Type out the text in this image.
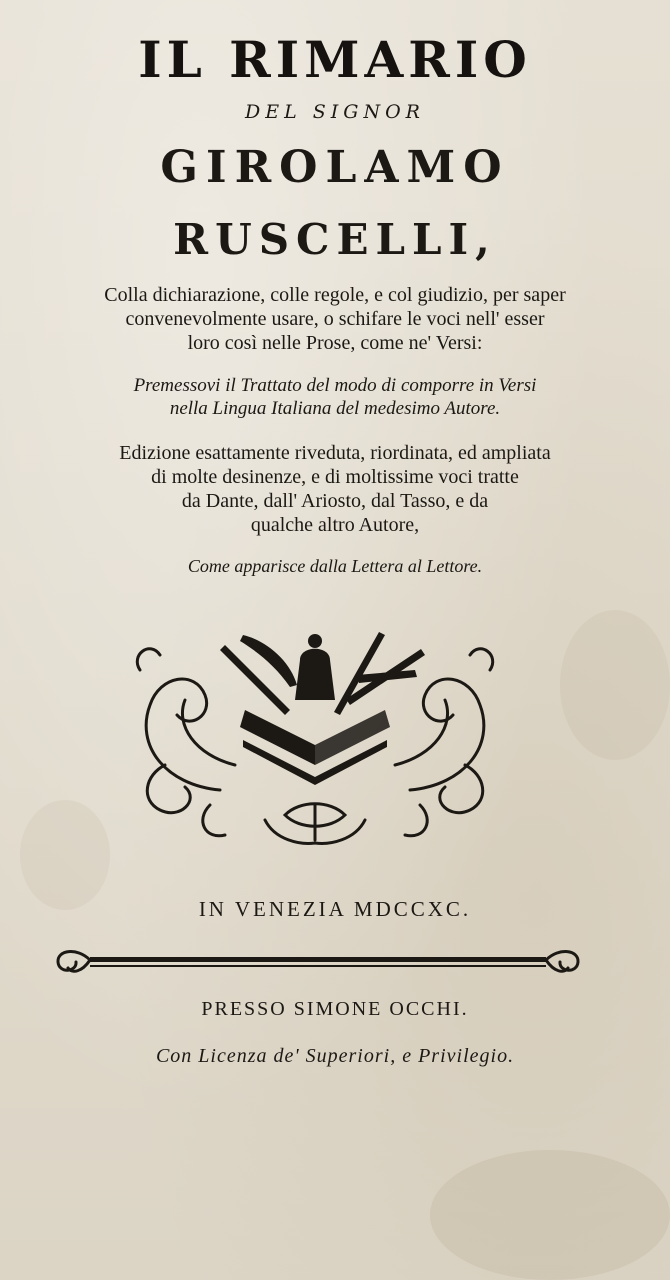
IL RIMARIO

DEL SIGNOR

GIROLAMO

RUSCELLI,

Colla dichiarazione, colle regole, e col giudizio, per saper

convenevolmente usare, o schifare le voci nell' esser

loro così nelle Prose, come ne' Versi:

Premessovi il Trattato del modo di comporre in Versi

nella Lingua Italiana del medesimo Autore.

Edizione esattamente riveduta, riordinata, ed ampliata

di molte desinenze, e di moltissime voci tratte

da Dante, dall' Ariosto, dal Tasso, e da

qualche altro Autore,

Come apparisce dalla Lettera al Lettore.

IN VENEZIA MDCCXC.

PRESSO SIMONE OCCHI.

Con Licenza de' Superiori, e Privilegio.
